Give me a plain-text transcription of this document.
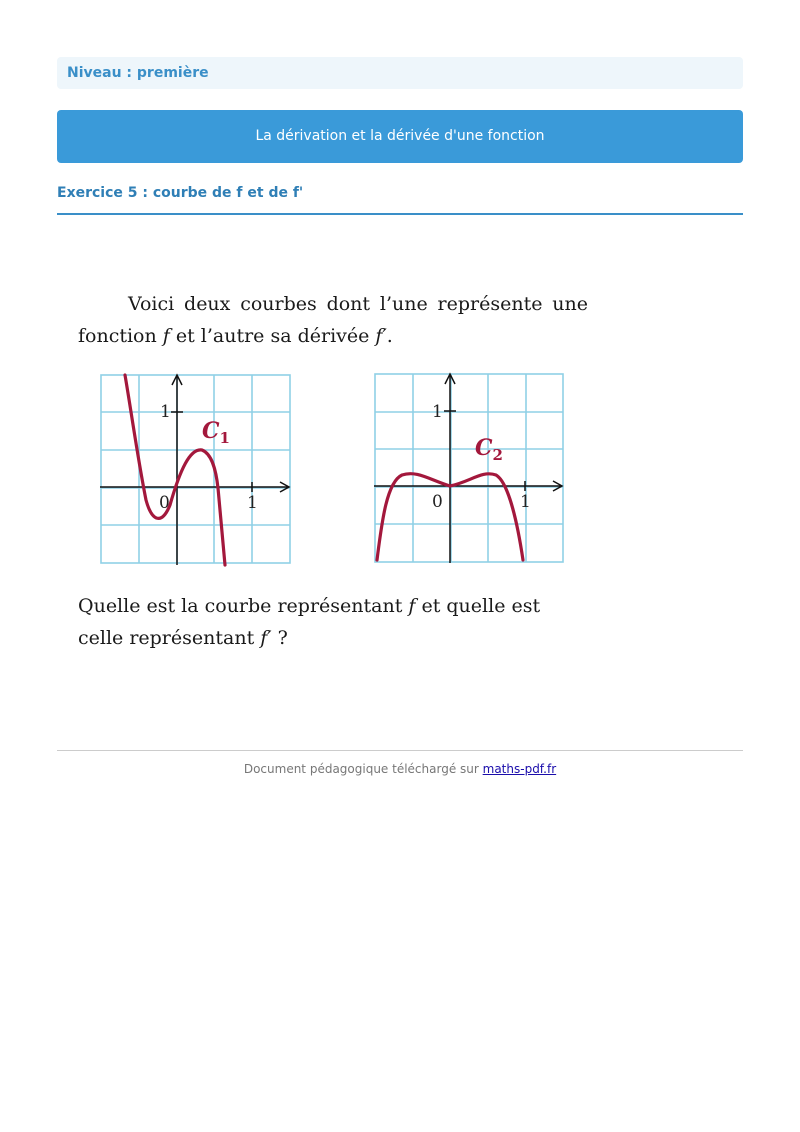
Niveau : première
La dérivation et la dérivée d'une fonction
Exercice 5 : courbe de f et de f'

Voici deux courbes dont l’une représente une fonction f et l’autre sa dérivée f′.

1
1
0
$C_1$
1
1
0
$C_2$

Quelle est la courbe représentant f et quelle est celle représentant f′ ?

Document pédagogique téléchargé sur maths-pdf.fr
